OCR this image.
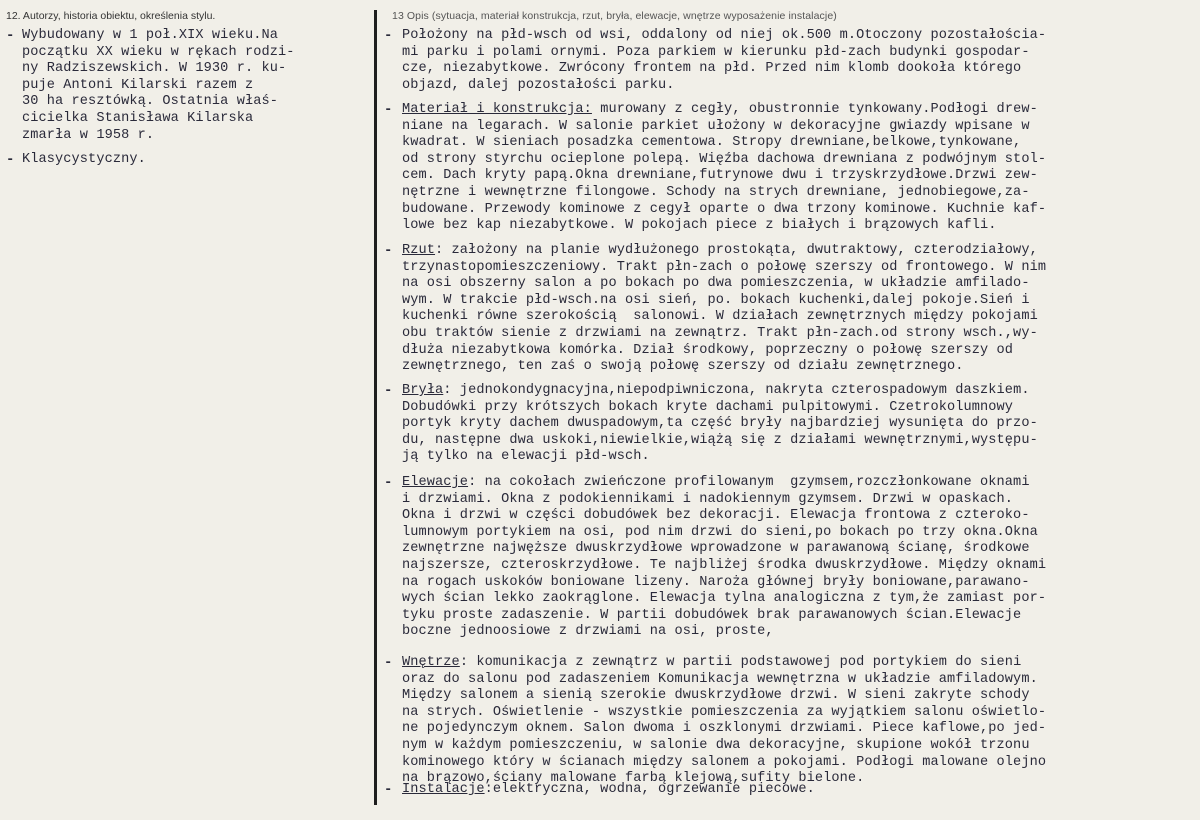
12. Autorzy, historia obiektu, określenia stylu.	13 Opis (sytuacja, materiał konstrukcja, rzut, bryła, elewacje, wnętrze wyposażenie instalacje)
- Wybudowany w 1 poł.XIX wieku.Na
początku XX wieku w rękach rodzi-
ny Radziszewskich. W 1930 r. ku-
puje Antoni Kilarski razem z
30 ha resztówką. Ostatnia właś-
cicielka Stanisława Kilarska
zmarła w 1958 r.
- Klasycystyczny.
- Położony na płd-wsch od wsi, oddalony od niej ok.500 m.Otoczony pozostałościa-
mi parku i polami ornymi. Poza parkiem w kierunku płd-zach budynki gospodar-
cze, niezabytkowe. Zwrócony frontem na płd. Przed nim klomb dookoła którego
objazd, dalej pozostałości parku.
- Materiał i konstrukcja: murowany z cegły, obustronnie tynkowany.Podłogi drew-
niane na legarach. W salonie parkiet ułożony w dekoracyjne gwiazdy wpisane w
kwadrat. W sieniach posadzka cementowa. Stropy drewniane,belkowe,tynkowane,
od strony styrchu ocieplone polepą. Więźba dachowa drewniana z podwójnym stol-
cem. Dach kryty papą.Okna drewniane,futrynowe dwu i trzyskrzydłowe.Drzwi zew-
nętrzne i wewnętrzne filongowe. Schody na strych drewniane, jednobiegowe,za-
budowane. Przewody kominowe z cegył oparte o dwa trzony kominowe. Kuchnie kaf-
lowe bez kap niezabytkowe. W pokojach piece z białych i brązowych kafli.
- Rzut: założony na planie wydłużonego prostokąta, dwutraktowy, czterodziałowy,
trzynastopomieszczeniowy. Trakt płn-zach o połowę szerszy od frontowego. W nim
na osi obszerny salon a po bokach po dwa pomieszczenia, w układzie amfilado-
wym. W trakcie płd-wsch.na osi sień, po. bokach kuchenki,dalej pokoje.Sień i
kuchenki równe szerokością  salonowi. W działach zewnętrznych między pokojami
obu traktów sienie z drzwiami na zewnątrz. Trakt płn-zach.od strony wsch.,wy-
dłuża niezabytkowa komórka. Dział środkowy, poprzeczny o połowę szerszy od
zewnętrznego, ten zaś o swoją połowę szerszy od działu zewnętrznego.
- Bryła: jednokondygnacyjna,niepodpiwniczona, nakryta czterospadowym daszkiem.
Dobudówki przy krótszych bokach kryte dachami pulpitowymi. Czetrokolumnowy
portyk kryty dachem dwuspadowym,ta część bryły najbardziej wysunięta do przo-
du, następne dwa uskoki,niewielkie,wiążą się z działami wewnętrznymi,występu-
ją tylko na elewacji płd-wsch.
- Elewacje: na cokołach zwieńczone profilowanym  gzymsem,rozczłonkowane oknami
i drzwiami. Okna z podokiennikami i nadokiennym gzymsem. Drzwi w opaskach.
Okna i drzwi w części dobudówek bez dekoracji. Elewacja frontowa z czteroko-
lumnowym portykiem na osi, pod nim drzwi do sieni,po bokach po trzy okna.Okna
zewnętrzne najwęższe dwuskrzydłowe wprowadzone w parawanową ścianę, środkowe
najszersze, czteroskrzydłowe. Te najbliżej środka dwuskrzydłowe. Między oknami
na rogach uskoków boniowane lizeny. Naroża głównej bryły boniowane,parawano-
wych ścian lekko zaokrąglone. Elewacja tylna analogiczna z tym,że zamiast por-
tyku proste zadaszenie. W partii dobudówek brak parawanowych ścian.Elewacje
boczne jednoosiowe z drzwiami na osi, proste,
- Wnętrze: komunikacja z zewnątrz w partii podstawowej pod portykiem do sieni
oraz do salonu pod zadaszeniem Komunikacja wewnętrzna w układzie amfiladowym.
Między salonem a sienią szerokie dwuskrzydłowe drzwi. W sieni zakryte schody
na strych. Oświetlenie - wszystkie pomieszczenia za wyjątkiem salonu oświetlo-
ne pojedynczym oknem. Salon dwoma i oszklonymi drzwiami. Piece kaflowe,po jed-
nym w każdym pomieszczeniu, w salonie dwa dekoracyjne, skupione wokół trzonu
kominowego który w ścianach między salonem a pokojami. Podłogi malowane olejno
na brązowo,ściany malowane farbą klejową,sufity bielone.
- Instalacje:elektryczna, wodna, ogrzewanie piecowe.
